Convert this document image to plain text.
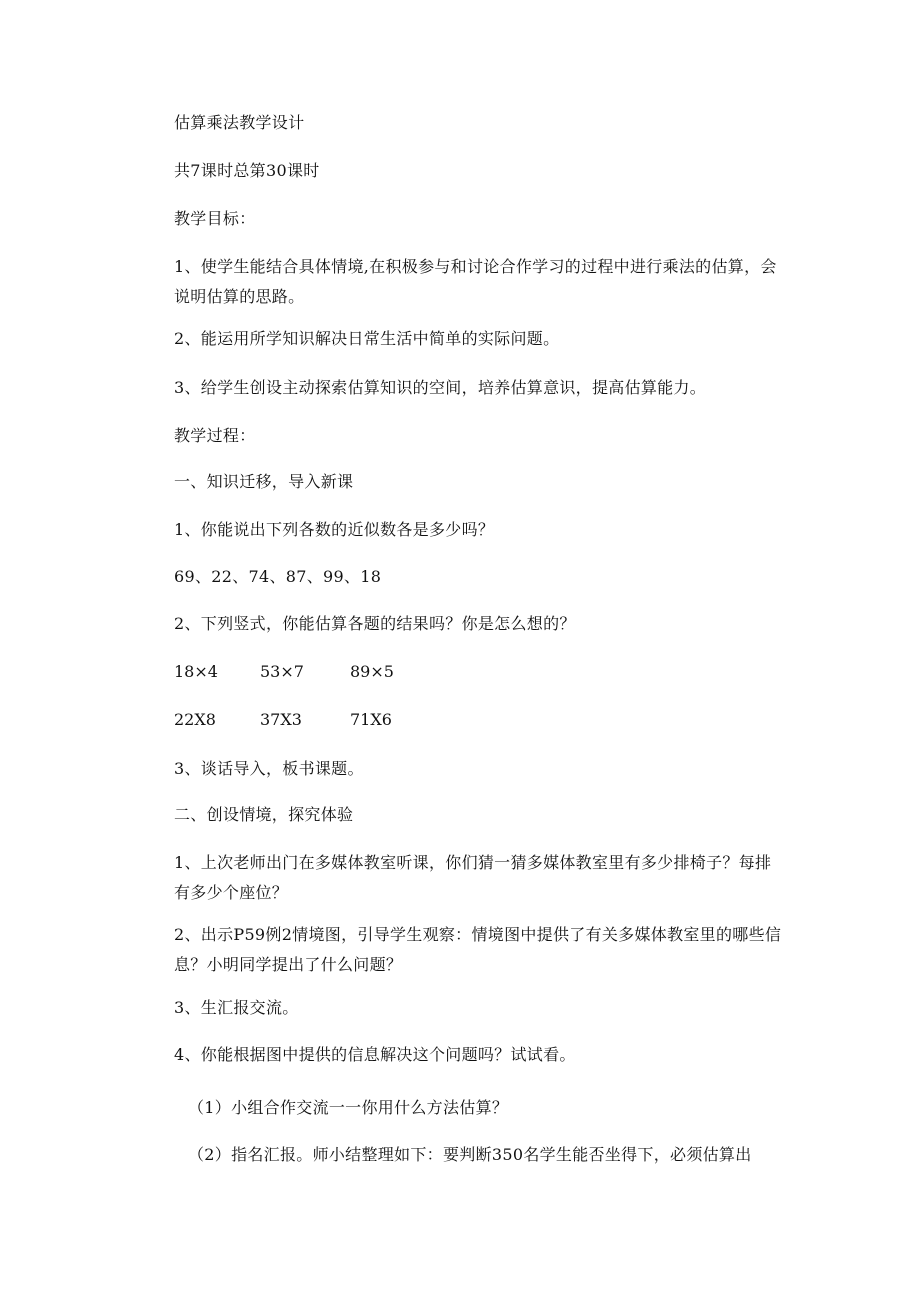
估算乘法教学设计
共7课时总第30课时
教学目标：
1、使学生能结合具体情境,在积极参与和讨论合作学习的过程中进行乘法的估算，会说明估算的思路。
2、能运用所学知识解决日常生活中简单的实际问题。
3、给学生创设主动探索估算知识的空间，培养估算意识，提高估算能力。
教学过程：
一、知识迁移，导入新课
1、你能说出下列各数的近似数各是多少吗？
69、22、74、87、99、18
2、下列竖式，你能估算各题的结果吗？你是怎么想的？
18×4	53×7	89×5
22X8	37X3	71X6
3、谈话导入，板书课题。
二、创设情境，探究体验
1、上次老师出门在多媒体教室听课，你们猜一猜多媒体教室里有多少排椅子？每排有多少个座位？
2、出示P59例2情境图，引导学生观察：情境图中提供了有关多媒体教室里的哪些信息？小明同学提出了什么问题？
3、生汇报交流。
4、你能根据图中提供的信息解决这个问题吗？试试看。
（1）小组合作交流一一你用什么方法估算？
（2）指名汇报。师小结整理如下：要判断350名学生能否坐得下，必须估算出
